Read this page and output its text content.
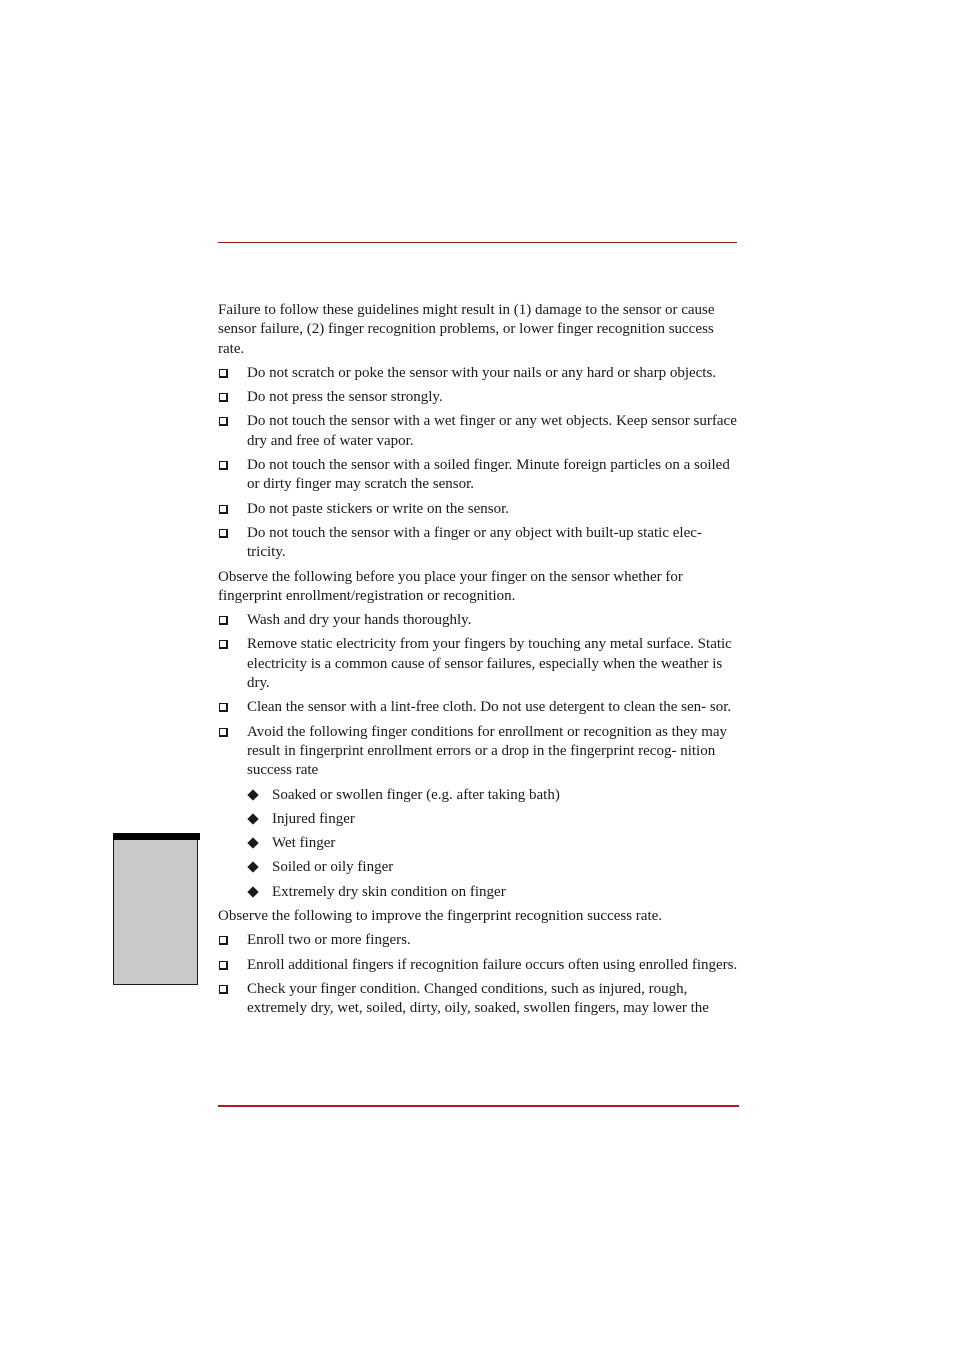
Failure to follow these guidelines might result in (1) damage to the sensor or cause sensor failure, (2) finger recognition problems, or lower finger recognition success rate.

Do not scratch or poke the sensor with your nails or any hard or sharp objects.
Do not press the sensor strongly.
Do not touch the sensor with a wet finger or any wet objects. Keep sensor surface dry and free of water vapor.
Do not touch the sensor with a soiled finger. Minute foreign particles on a soiled or dirty finger may scratch the sensor.
Do not paste stickers or write on the sensor.
Do not touch the sensor with a finger or any object with built-up static elec- tricity.

Observe the following before you place your finger on the sensor whether for fingerprint enrollment/registration or recognition.

Wash and dry your hands thoroughly.
Remove static electricity from your fingers by touching any metal surface. Static electricity is a common cause of sensor failures, especially when the weather is dry.
Clean the sensor with a lint-free cloth. Do not use detergent to clean the sen- sor.
Avoid the following finger conditions for enrollment or recognition as they may result in fingerprint enrollment errors or a drop in the fingerprint recog- nition success rate
Soaked or swollen finger (e.g. after taking bath)
Injured finger
Wet finger
Soiled or oily finger
Extremely dry skin condition on finger

Observe the following to improve the fingerprint recognition success rate.

Enroll two or more fingers.
Enroll additional fingers if recognition failure occurs often using enrolled fingers.
Check your finger condition. Changed conditions, such as injured, rough, extremely dry, wet, soiled, dirty, oily, soaked, swollen fingers, may lower the
